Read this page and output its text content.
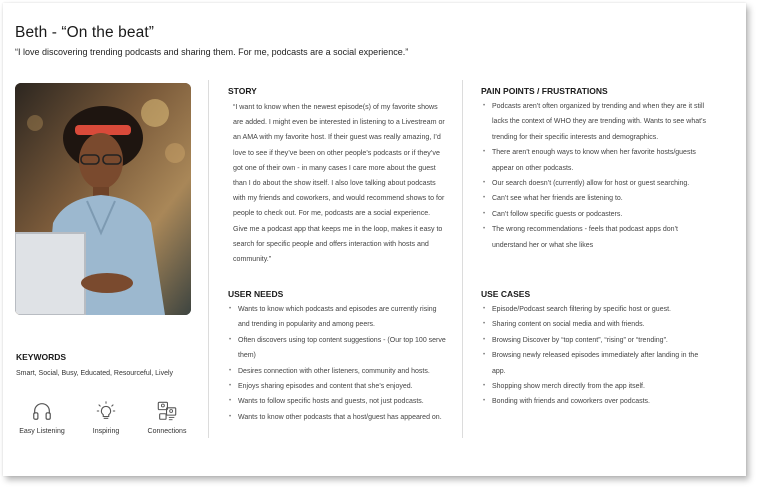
Beth - “On the beat”
“I love discovering trending podcasts and sharing them. For me, podcasts are a social experience.”
KEYWORDS
Smart, Social, Busy, Educated, Resourceful, Lively
Easy Listening	Inspiring	Connections
STORY
“I want to know when the newest episode(s) of my favorite shows are added. I might even be interested in listening to a Livestream or an AMA with my favorite host. If their guest was really amazing, I’d love to see if they’ve been on other people’s podcasts or if they’ve got one of their own - in many cases I care more about the guest than I do about the show itself. I also love talking about podcasts with my friends and coworkers, and would recommend shows to for people to check out. For me, podcasts are a social experience. Give me a podcast app that keeps me in the loop, makes it easy to search for specific people and offers interaction with hosts and community.”
PAIN POINTS / FRUSTRATIONS
• Podcasts aren’t often organized by trending and when they are it still lacks the context of WHO they are trending with. Wants to see what’s trending for their specific interests and demographics.
• There aren’t enough ways to know when her favorite hosts/guests appear on other podcasts.
• Our search doesn’t (currently) allow for host or guest searching.
• Can’t see what her friends are listening to.
• Can’t follow specific guests or podcasters.
• The wrong recommendations - feels that podcast apps don’t understand her or what she likes
USER NEEDS
• Wants to know which podcasts and episodes are currently rising and trending in popularity and among peers.
• Often discovers using top content suggestions - (Our top 100 serve them)
• Desires connection with other listeners, community and hosts.
• Enjoys sharing episodes and content that she’s enjoyed.
• Wants to follow specific hosts and guests, not just podcasts.
• Wants to know other podcasts that a host/guest has appeared on.
USE CASES
• Episode/Podcast search filtering by specific host or guest.
• Sharing content on social media and with friends.
• Browsing Discover by “top content”, “rising” or “trending”.
• Browsing newly released episodes immediately after landing in the app.
• Shopping show merch directly from the app itself.
• Bonding with friends and coworkers over podcasts.
